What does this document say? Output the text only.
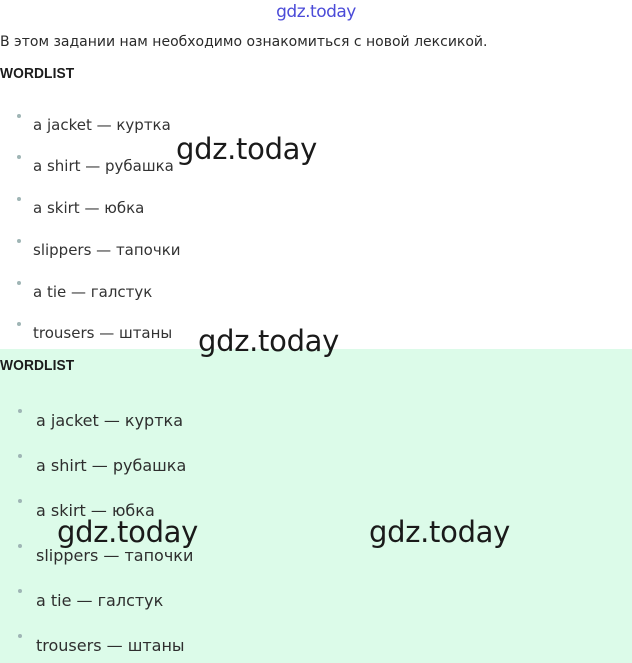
gdz.today
В этом задании нам необходимо ознакомиться с новой лексикой.
WORDLIST
a jacket — куртка
a shirt — рубашка
a skirt — юбка
slippers — тапочки
a tie — галстук
trousers — штаны
WORDLIST
a jacket — куртка
a shirt — рубашка
a skirt — юбка
slippers — тапочки
a tie — галстук
trousers — штаны
gdz.today
gdz.today
gdz.today	gdz.today
